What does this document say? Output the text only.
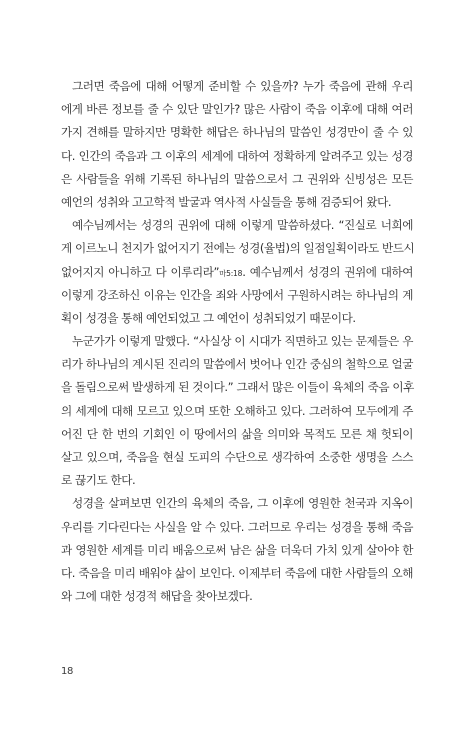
그러면 죽음에 대해 어떻게 준비할 수 있을까? 누가 죽음에 관해 우리
에게 바른 정보를 줄 수 있단 말인가? 많은 사람이 죽음 이후에 대해 여러
가지 견해를 말하지만 명확한 해답은 하나님의 말씀인 성경만이 줄 수 있
다. 인간의 죽음과 그 이후의 세계에 대하여 정확하게 알려주고 있는 성경
은 사람들을 위해 기록된 하나님의 말씀으로서 그 권위와 신빙성은 모든
예언의 성취와 고고학적 발굴과 역사적 사실들을 통해 검증되어 왔다.
예수님께서는 성경의 권위에 대해 이렇게 말씀하셨다. “진실로 너희에
게 이르노니 천지가 없어지기 전에는 성경(율법)의 일점일획이라도 반드시
없어지지 아니하고 다 이루리라”마5:18. 예수님께서 성경의 권위에 대하여
이렇게 강조하신 이유는 인간을 죄와 사망에서 구원하시려는 하나님의 계
획이 성경을 통해 예언되었고 그 예언이 성취되었기 때문이다.
누군가가 이렇게 말했다. “사실상 이 시대가 직면하고 있는 문제들은 우
리가 하나님의 계시된 진리의 말씀에서 벗어나 인간 중심의 철학으로 얼굴
을 돌림으로써 발생하게 된 것이다.” 그래서 많은 이들이 육체의 죽음 이후
의 세계에 대해 모르고 있으며 또한 오해하고 있다. 그러하여 모두에게 주
어진 단 한 번의 기회인 이 땅에서의 삶을 의미와 목적도 모른 채 헛되이
살고 있으며, 죽음을 현실 도피의 수단으로 생각하여 소중한 생명을 스스
로 끊기도 한다.
성경을 살펴보면 인간의 육체의 죽음, 그 이후에 영원한 천국과 지옥이
우리를 기다린다는 사실을 알 수 있다. 그러므로 우리는 성경을 통해 죽음
과 영원한 세계를 미리 배움으로써 남은 삶을 더욱더 가치 있게 살아야 한
다. 죽음을 미리 배워야 삶이 보인다. 이제부터 죽음에 대한 사람들의 오해
와 그에 대한 성경적 해답을 찾아보겠다.
18
